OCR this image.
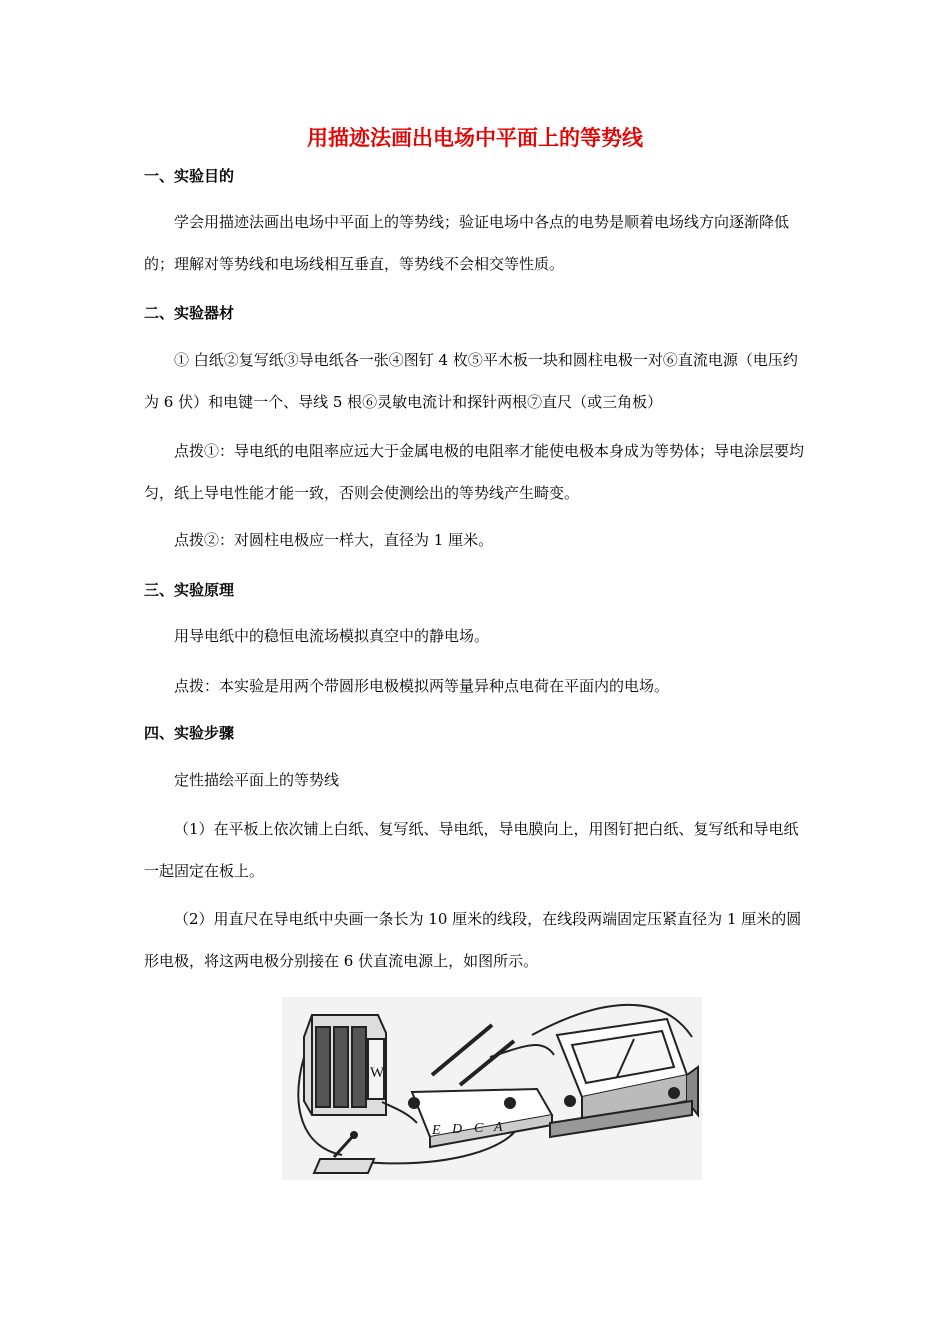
用描迹法画出电场中平面上的等势线
一、实验目的

学会用描迹法画出电场中平面上的等势线；验证电场中各点的电势是顺着电场线方向逐渐降低的；理解对等势线和电场线相互垂直，等势线不会相交等性质。

二、实验器材

① 白纸②复写纸③导电纸各一张④图钉 4 枚⑤平木板一块和圆柱电极一对⑥直流电源（电压约为 6 伏）和电键一个、导线 5 根⑥灵敏电流计和探针两根⑦直尺（或三角板）

点拨①：导电纸的电阻率应远大于金属电极的电阻率才能使电极本身成为等势体；导电涂层要均匀，纸上导电性能才能一致，否则会使测绘出的等势线产生畸变。

点拨②：对圆柱电极应一样大，直径为 1 厘米。

三、实验原理

用导电纸中的稳恒电流场模拟真空中的静电场。

点拨：本实验是用两个带圆形电极模拟两等量异种点电荷在平面内的电场。

四、实验步骤

定性描绘平面上的等势线

（1）在平板上依次铺上白纸、复写纸、导电纸，导电膜向上，用图钉把白纸、复写纸和导电纸一起固定在板上。

（2）用直尺在导电纸中央画一条长为 10 厘米的线段，在线段两端固定压紧直径为 1 厘米的圆形电极，将这两电极分别接在 6 伏直流电源上，如图所示。

E D C A
W
